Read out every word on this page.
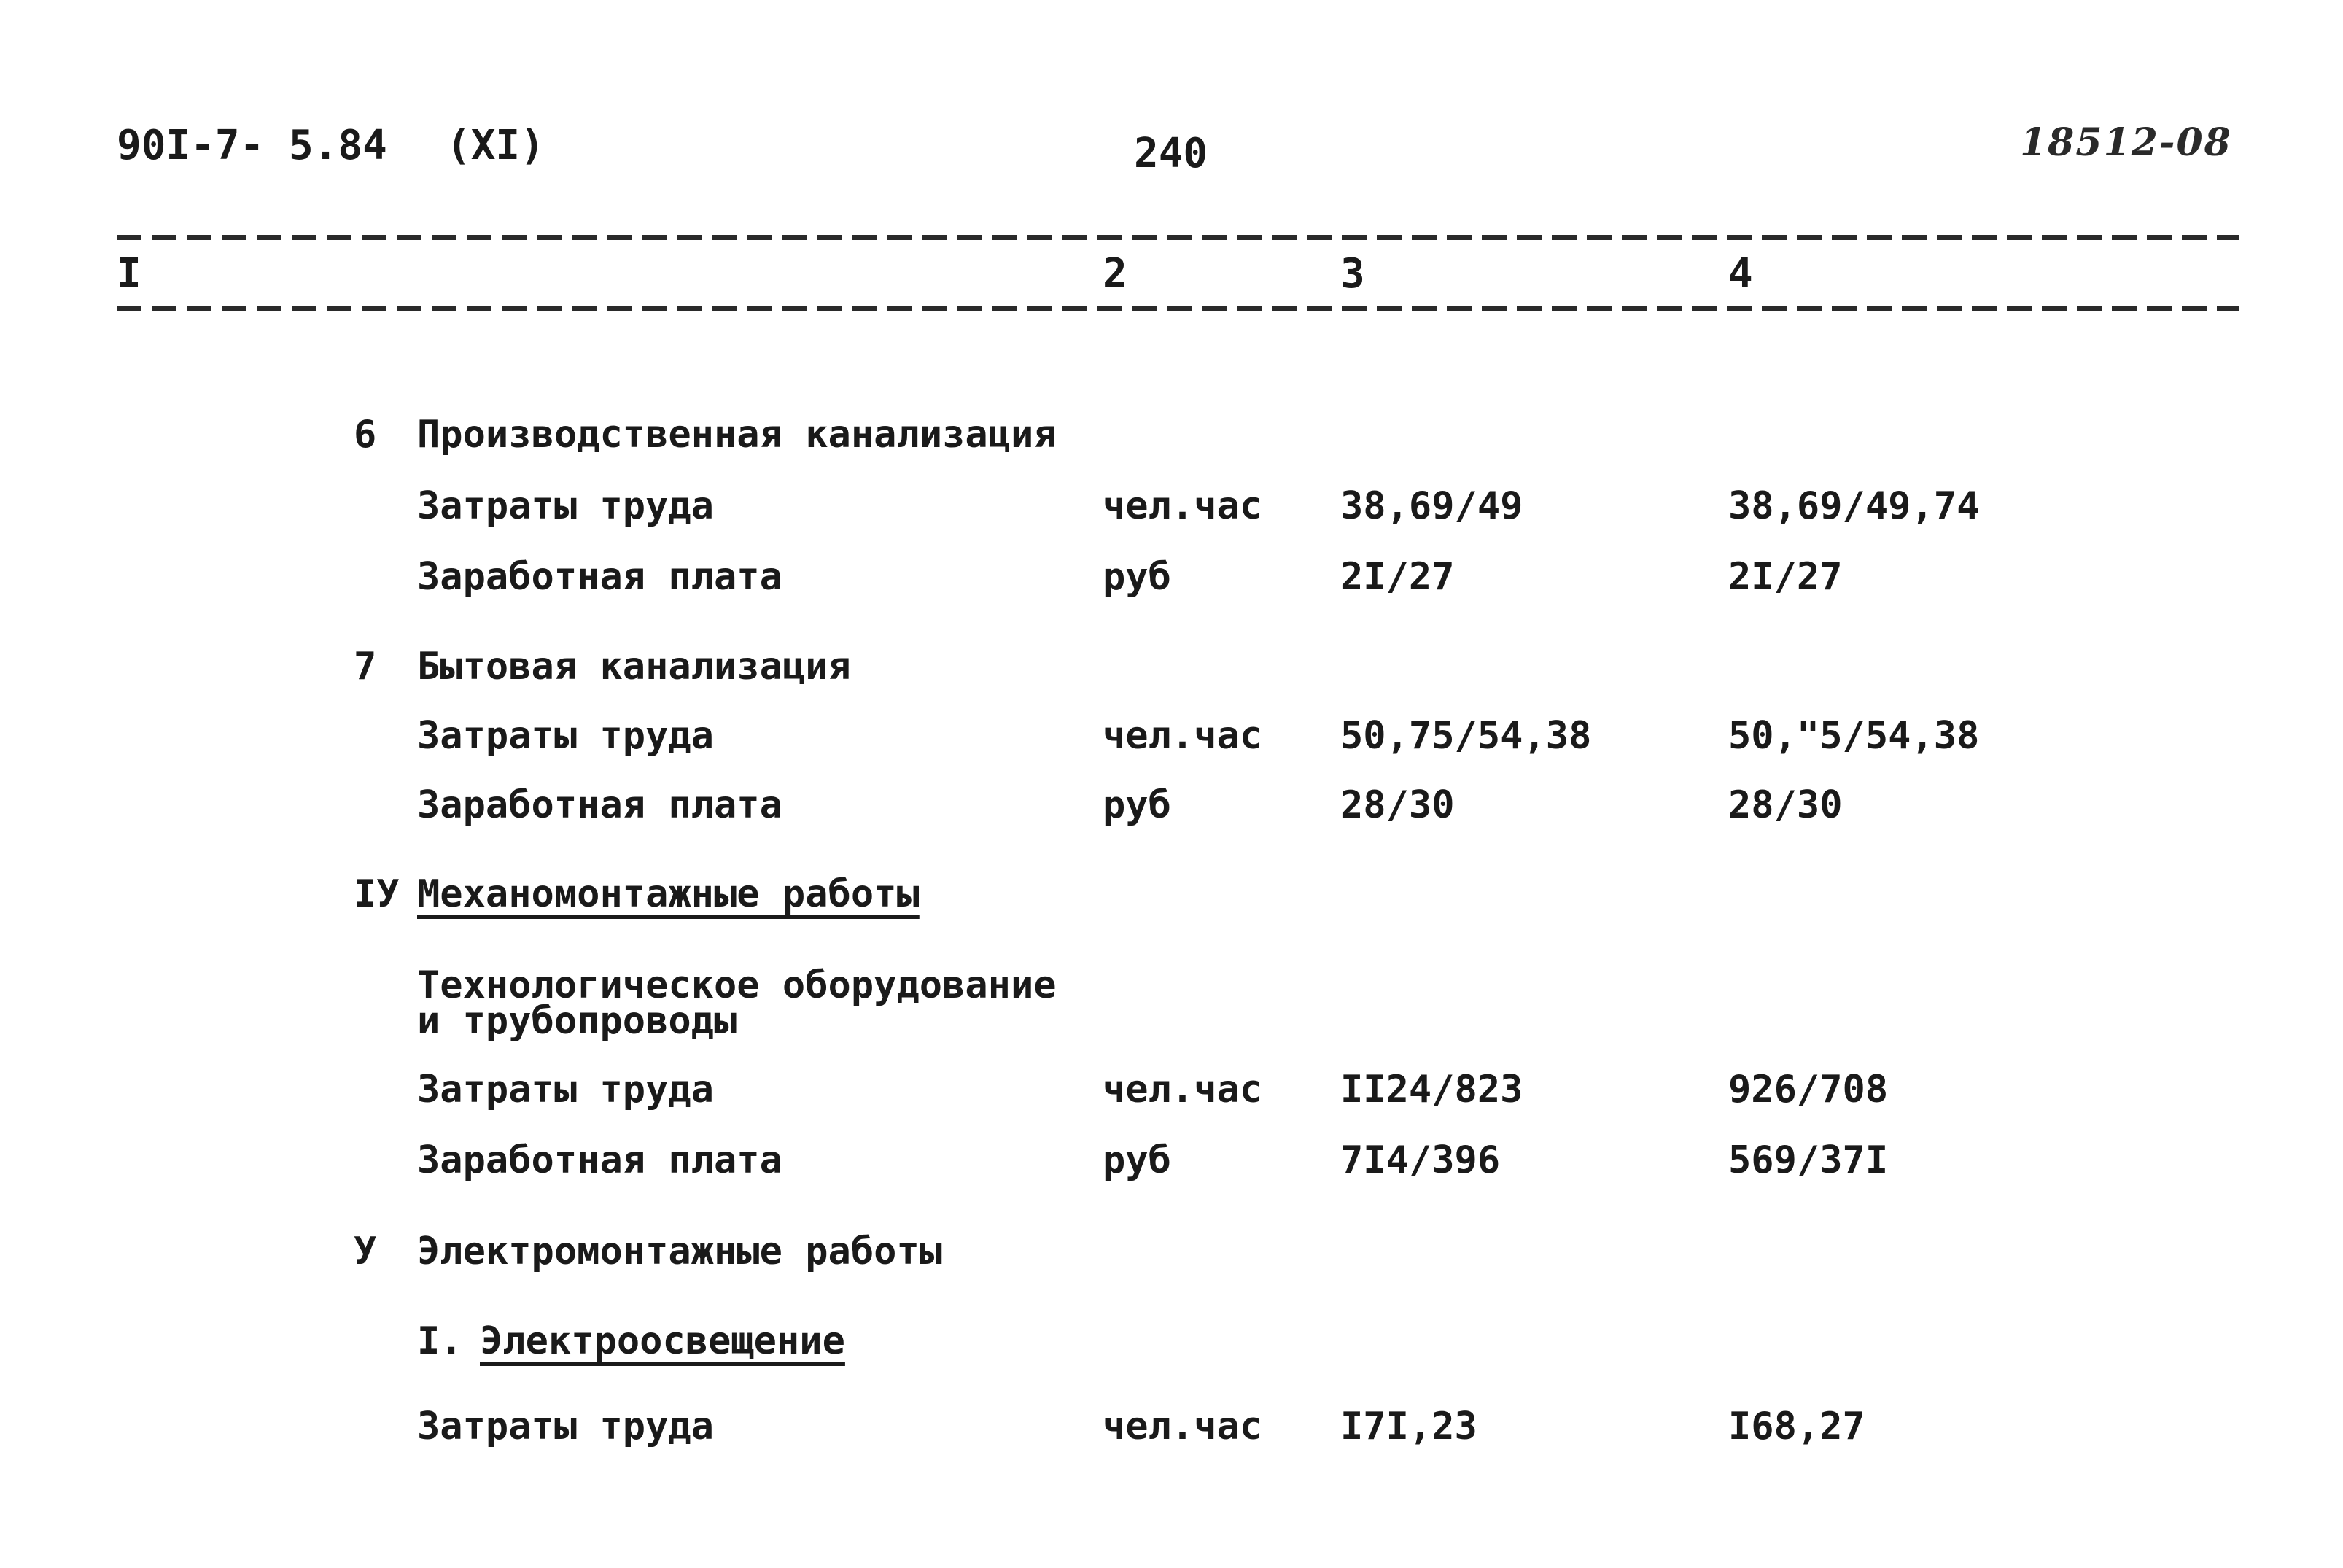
90I-7- 5.84 (XI)	240	18512-08
I	2	3	4
6 Производственная канализация
Затраты труда	чел.час 38,69/49	38,69/49,74
Заработная плата	руб	2I/27	2I/27
7 Бытовая канализация
Затраты труда	чел.час 50,75/54,38	50,"5/54,38
Заработная плата	руб	28/30	28/30
IУ Механомонтажные работы
Технологическое оборудование
и трубопроводы
Затраты труда	чел.час II24/823	926/708
Заработная плата	руб	7I4/396	569/37I
У Электромонтажные работы
I. Электроосвещение
Затраты труда	чел.час I7I,23	I68,27
